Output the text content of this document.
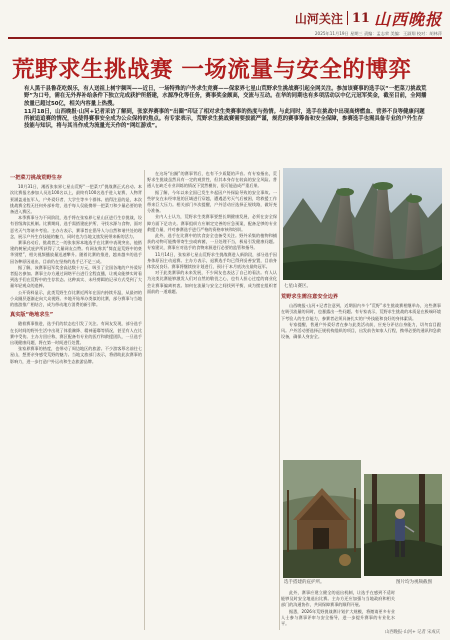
山河关注 11 山西晚报
2025年11月19日 星期三 责编：孟志荣 美编：王淑翔 校对：胡林萍
荒野求生挑战赛 一场流量与安全的博弈

有人黑千县鲁花吃娱乐，有人送祖上树宇频叫——近日，一场特殊的户外求生竞赛——保家界七星山荒野求生挑战赛引起全网关注。参加该赛事的选手以“一把菜刀挑战荒野”为口号，需在无外界补给条件下独立完成获护所搭建，水源净化等任务，赛事奖金颇高，交流与互动。在华的同期也有多项活动以中亿元冠军奖金，截至目前，全网播放量已超过50亿，相关内容量上热搜。

11月18日，山西晚报·山河+记者采访了解到，张家界赛事的“出圈”印证了相对求生类赛事的热度与热情。与此同时，选手在挑战中出现高烤燃血、营养不良等健康问题所被追追赛的情况，也使得赛事安全成为公众保持的焦点。有专家表示，荒野求生挑战赛需要拔就严谨，规范的赛事筹备和安全保障，参赛选手也需具备专业的户外生存技能与知识，将与其当作成为流量光天作的“网红游戏”。

一把菜刀挑战荒野生存

10月31日，湘西张家界七星山荒野“一把菜刀”挑战赛正式启动。本次比赛报名参加人员达100名以上，最终有100名选手进入复赛，人物背景涵盖退伍军人、户外爱好者、大学生等多个群体。值得注意的是，本次挑战赛全程无任何外部补给，选手每人仅能携带一把菜刀和少量必要的装备进入赛区。

本季赛事分为不同阶段，选手将在张家界七星山区进行生存挑战，设有晋级淘汰机制。比赛期间，选手需搭建庇护所、寻找水源与食物，面对恶劣天气等诸多考验。主办方表示，赛事旨在倡导人与自然和谐共处的理念，展示户外生存技能的魅力，同时也为当地文旅发展带来新的活力。

赛事启动后，挑战者之一的张家界本地选手在比赛中表现突出，他搭建的树屋式庇护所获得了大量网友点赞。有网友称其“简直是荒野中的豪华别墅”，相关视频播放量迅速攀升。随着比赛的推进，越来越多的选手因各种原因退出，目前仍在坚持的选手已不足三成。

据了解，该赛事冠军奖金高达数十万元，吸引了全国各地的户外爱好者报名参加。赛事主办方通过网络平台进行全程直播，让观众能够实时看到选手们在荒野中的生存状态。这种真实、未经剪辑的记录方式受到了大量年轻观众的追捧。

公开资料显示，此类荒野生存比赛近两年在国内持续升温，从最初的小众圈层逐渐走向大众视野。多地开始举办类似的比赛，部分赛事与当地的旅游推广相结合，成为带动地方消费的新引擎。

真实版“绝地求生”

随着赛事推进，选手们的状态也引发了关注。有网友发现，部分选手在长时间的野外生活中出现了体重骤降、精神萎靡等情况，甚至有人在比赛中受伤。主办方回应称，赛区配备有专业的医疗和救援团队，一旦选手出现健康问题，将在第一时间进行处置。

张家界赛事的热度，也带动了周边地区的旅游。不少游客慕名前往七星山，想要亲身感受荒野的魅力。当地文旅部门表示，将借助此次赛事的影响力，进一步打造户外运动和生态旅游品牌。

在这场“出圈”的赛事背后，也有不少质疑的声音。有专家指出，荒野求生挑战虽然具有一定的观赏性，但其本身存在较高的安全风险。普通人在缺乏专业训练的情况下贸然模仿，很可能造成严重后果。

据了解，今年以来全国已发生多起因户外探险导致的安全事故。一些驴友在未经审批的区域进行穿越，遭遇恶劣天气后被困，给救援工作带来巨大压力。相关部门多次提醒，户外活动应选择正规线路，做好充分准备。

业内人士认为，荒野求生类赛事要想长期健康发展，必须在安全保障方面下足功夫。赛事组织方应制定完善的应急预案，配备足够的专业救援力量，并对参赛选手进行严格的资格审核和培训。

此外，选手在比赛中的饮食安全也备受关注。野外采集的植物和捕获的动物可能携带寄生虫或病菌，一旦处理不当，极易引发健康问题。专家建议，赛事应对选手的食物来源进行必要的监管和指导。

11月14日，张家界七星山荒野求生挑战赛进入新阶段，部分选手因身体原因主动退赛。主办方表示，退赛选手均已得到妥善安置，目前身体状况良好。赛事将继续按计划进行，预计于本月底决出最终冠军。

对于此类赛事的未来发展，不少网友也表达了自己的看法。有人认为这类比赛能够激发人们对自然的敬畏之心，也有人担心过度的商业化会让赛事偏离初衷。如何在流量与安全之间找到平衡，成为摆在组织者面前的一道难题。

七星山赛区。
荒野求生需注意安全边界

山西晚报·山河+记者注意到，近期国内多个“荒野”求生挑战赛相继举办，这些赛事在吸引流量的同时，也暴露出一些问题。有专家表示，荒野求生挑战的本质是在极端环境下考验人的生存能力，参赛者必须具备扎实的户外技能和良好的身体素质。

专家提醒，普通户外爱好者在参与此类活动前，应充分评估自身能力，切勿盲目跟风。户外活动要选择正规机构组织的项目，出发前告知家人行程，携带必要的通讯和急救设备，确保人身安全。

选手搭建的庇护所。	图片均为视频截图

此外，赛事应建立健全的退出机制，让选手在感到不适时能够及时安全地退出比赛。主办方还应加强与当地政府和相关部门的沟通协作，共同保障赛事的顺利开展。

据悉，2026年荒野挑战赛计划扩大规模，将邀请更多专业人士参与赛事评审与安全指导，进一步提升赛事的专业化水平。

山西晚报·山河+ 记者 宋成庆
